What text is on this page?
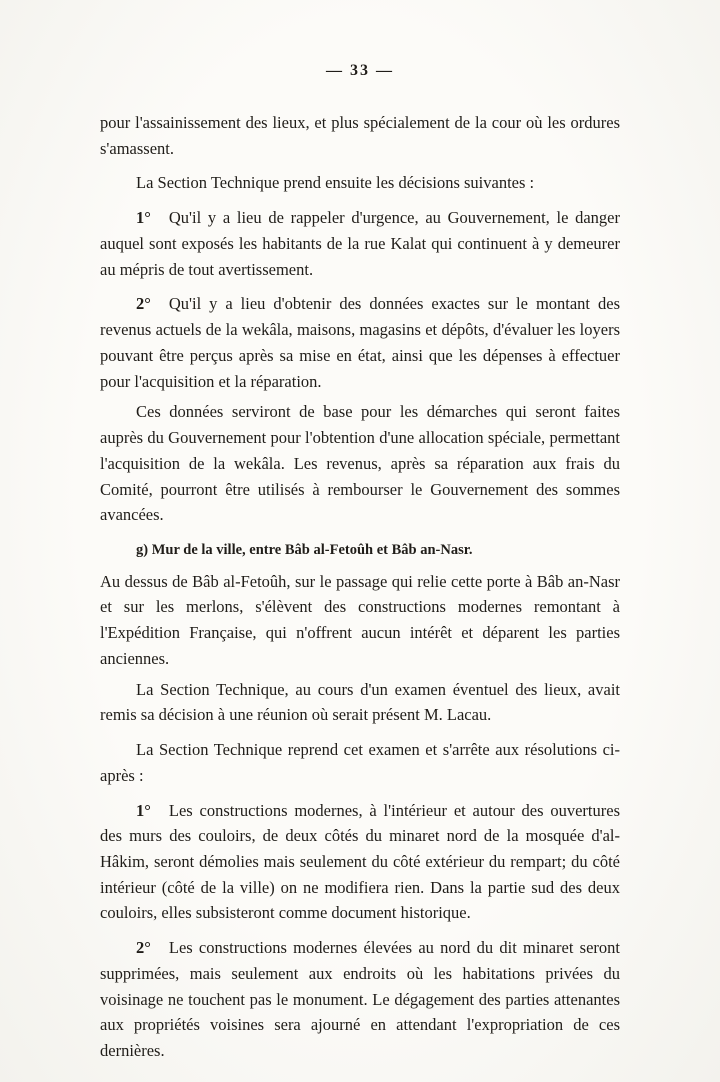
— 33 —

pour l'assainissement des lieux, et plus spécialement de la cour où les ordures s'amassent.

La Section Technique prend ensuite les décisions suivantes :

1° Qu'il y a lieu de rappeler d'urgence, au Gouvernement, le danger auquel sont exposés les habitants de la rue Kalat qui continuent à y demeurer au mépris de tout avertissement.

2° Qu'il y a lieu d'obtenir des données exactes sur le montant des revenus actuels de la wekâla, maisons, magasins et dépôts, d'évaluer les loyers pouvant être perçus après sa mise en état, ainsi que les dépenses à effectuer pour l'acquisition et la réparation.

Ces données serviront de base pour les démarches qui seront faites auprès du Gouvernement pour l'obtention d'une allocation spéciale, permettant l'acquisition de la wekâla. Les revenus, après sa réparation aux frais du Comité, pourront être utilisés à rembourser le Gouvernement des sommes avancées.

g) Mur de la ville, entre Bâb al-Fetoûh et Bâb an-Nasr.

Au dessus de Bâb al-Fetoûh, sur le passage qui relie cette porte à Bâb an-Nasr et sur les merlons, s'élèvent des constructions modernes remontant à l'Expédition Française, qui n'offrent aucun intérêt et déparent les parties anciennes.

La Section Technique, au cours d'un examen éventuel des lieux, avait remis sa décision à une réunion où serait présent M. Lacau.

La Section Technique reprend cet examen et s'arrête aux résolutions ci-après :

1° Les constructions modernes, à l'intérieur et autour des ouvertures des murs des couloirs, de deux côtés du minaret nord de la mosquée d'al-Hâkim, seront démolies mais seulement du côté extérieur du rempart; du côté intérieur (côté de la ville) on ne modifiera rien. Dans la partie sud des deux couloirs, elles subsisteront comme document historique.

2° Les constructions modernes élevées au nord du dit minaret seront supprimées, mais seulement aux endroits où les habitations privées du voisinage ne touchent pas le monument. Le dégagement des parties attenantes aux propriétés voisines sera ajourné en attendant l'expropriation de ces dernières.
